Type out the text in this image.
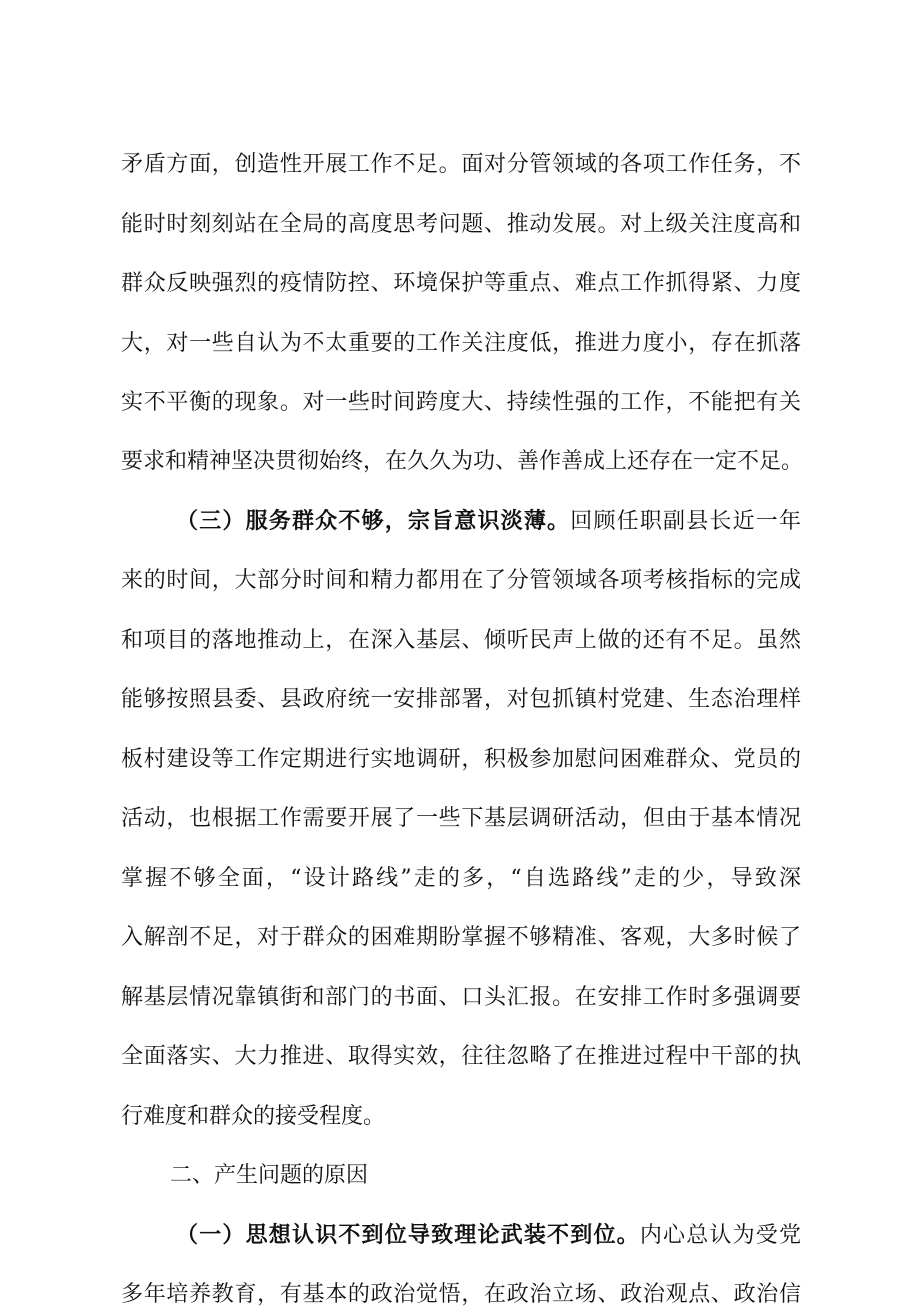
矛盾方面，创造性开展工作不足。面对分管领域的各项工作任务，不
能时时刻刻站在全局的高度思考问题、推动发展。对上级关注度高和
群众反映强烈的疫情防控、环境保护等重点、难点工作抓得紧、力度
大，对一些自认为不太重要的工作关注度低，推进力度小，存在抓落
实不平衡的现象。对一些时间跨度大、持续性强的工作，不能把有关
要求和精神坚决贯彻始终，在久久为功、善作善成上还存在一定不足。
（三）服务群众不够，宗旨意识淡薄。回顾任职副县长近一年
来的时间，大部分时间和精力都用在了分管领域各项考核指标的完成
和项目的落地推动上，在深入基层、倾听民声上做的还有不足。虽然
能够按照县委、县政府统一安排部署，对包抓镇村党建、生态治理样
板村建设等工作定期进行实地调研，积极参加慰问困难群众、党员的
活动，也根据工作需要开展了一些下基层调研活动，但由于基本情况
掌握不够全面，“设计路线”走的多，“自选路线”走的少，导致深
入解剖不足，对于群众的困难期盼掌握不够精准、客观，大多时候了
解基层情况靠镇街和部门的书面、口头汇报。在安排工作时多强调要
全面落实、大力推进、取得实效，往往忽略了在推进过程中干部的执
行难度和群众的接受程度。
二、产生问题的原因
（一）思想认识不到位导致理论武装不到位。内心总认为受党
多年培养教育，有基本的政治觉悟，在政治立场、政治观点、政治信
